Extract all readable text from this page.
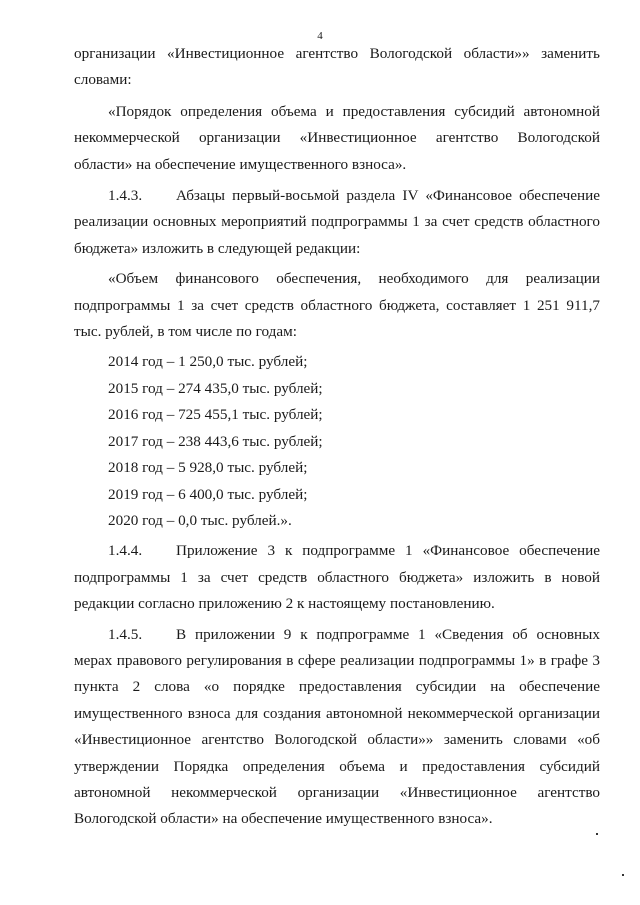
4

организации «Инвестиционное агентство Вологодской области»» заменить словами:

«Порядок определения объема и предоставления субсидий автономной некоммерческой организации «Инвестиционное агентство Вологодской области» на обеспечение имущественного взноса».

1.4.3. Абзацы первый-восьмой раздела IV «Финансовое обеспечение реализации основных мероприятий подпрограммы 1 за счет средств областного бюджета» изложить в следующей редакции:

«Объем финансового обеспечения, необходимого для реализации подпрограммы 1 за счет средств областного бюджета, составляет 1 251 911,7 тыс. рублей, в том числе по годам:

2014 год – 1 250,0 тыс. рублей;

2015 год – 274 435,0 тыс. рублей;

2016 год – 725 455,1 тыс. рублей;

2017 год – 238 443,6 тыс. рублей;

2018 год – 5 928,0 тыс. рублей;

2019 год – 6 400,0 тыс. рублей;

2020 год – 0,0 тыс. рублей.».

1.4.4. Приложение 3 к подпрограмме 1 «Финансовое обеспечение подпрограммы 1 за счет средств областного бюджета» изложить в новой редакции согласно приложению 2 к настоящему постановлению.

1.4.5. В приложении 9 к подпрограмме 1 «Сведения об основных мерах правового регулирования в сфере реализации подпрограммы 1» в графе 3 пункта 2 слова «о порядке предоставления субсидии на обеспечение имущественного взноса для создания автономной некоммерческой организации «Инвестиционное агентство Вологодской области»» заменить словами «об утверждении Порядка определения объема и предоставления субсидий автономной некоммерческой организации «Инвестиционное агентство Вологодской области» на обеспечение имущественного взноса».
